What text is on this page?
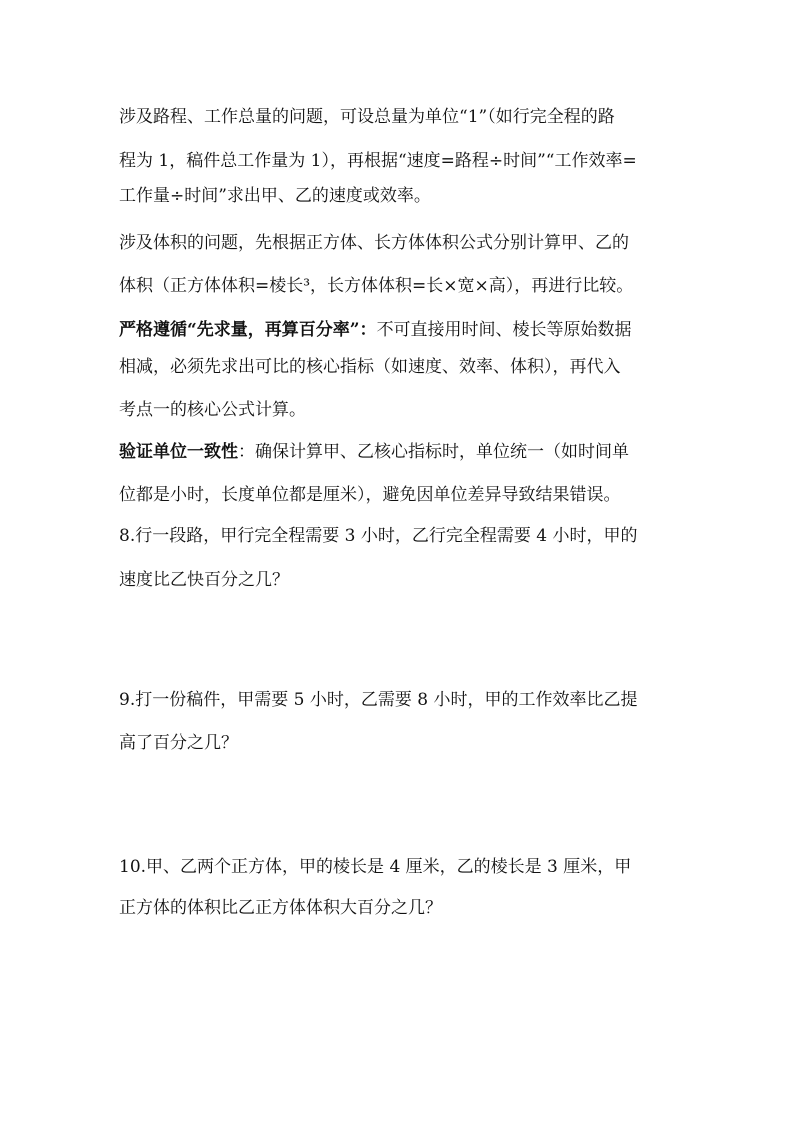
涉及路程、工作总量的问题，可设总量为单位“1”（如行完全程的路
程为 1，稿件总工作量为 1），再根据“速度=路程÷时间”“工作效率=
工作量÷时间”求出甲、乙的速度或效率。
涉及体积的问题，先根据正方体、长方体体积公式分别计算甲、乙的
体积（正方体体积=棱长³，长方体体积=长×宽×高），再进行比较。
严格遵循“先求量，再算百分率”：不可直接用时间、棱长等原始数据
相减，必须先求出可比的核心指标（如速度、效率、体积），再代入
考点一的核心公式计算。
验证单位一致性：确保计算甲、乙核心指标时，单位统一（如时间单
位都是小时，长度单位都是厘米），避免因单位差异导致结果错误。
8.行一段路，甲行完全程需要 3 小时，乙行完全程需要 4 小时，甲的
速度比乙快百分之几？
9.打一份稿件，甲需要 5 小时，乙需要 8 小时，甲的工作效率比乙提
高了百分之几？
10.甲、乙两个正方体，甲的棱长是 4 厘米，乙的棱长是 3 厘米，甲
正方体的体积比乙正方体体积大百分之几？
